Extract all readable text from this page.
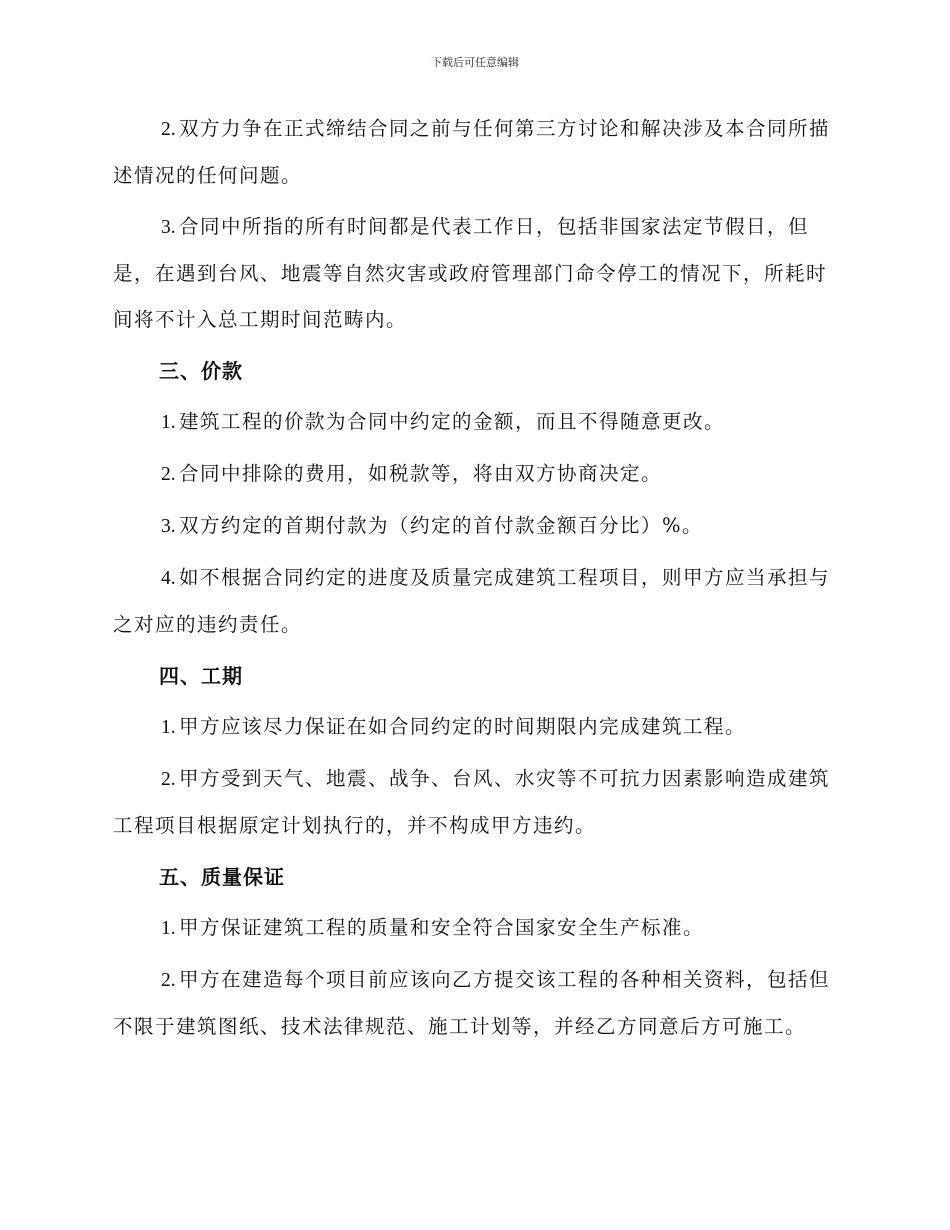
下载后可任意编辑
2. 双方力争在正式缔结合同之前与任何第三方讨论和解决涉及本合同所描述情况的任何问题。
3. 合同中所指的所有时间都是代表工作日，包括非国家法定节假日，但是，在遇到台风、地震等自然灾害或政府管理部门命令停工的情况下，所耗时间将不计入总工期时间范畴内。
三、价款
1. 建筑工程的价款为合同中约定的金额，而且不得随意更改。
2. 合同中排除的费用，如税款等，将由双方协商决定。
3. 双方约定的首期付款为（约定的首付款金额百分比）%。
4. 如不根据合同约定的进度及质量完成建筑工程项目，则甲方应当承担与之对应的违约责任。
四、工期
1. 甲方应该尽力保证在如合同约定的时间期限内完成建筑工程。
2. 甲方受到天气、地震、战争、台风、水灾等不可抗力因素影响造成建筑工程项目根据原定计划执行的，并不构成甲方违约。
五、质量保证
1. 甲方保证建筑工程的质量和安全符合国家安全生产标准。
2. 甲方在建造每个项目前应该向乙方提交该工程的各种相关资料，包括但不限于建筑图纸、技术法律规范、施工计划等，并经乙方同意后方可施工。
